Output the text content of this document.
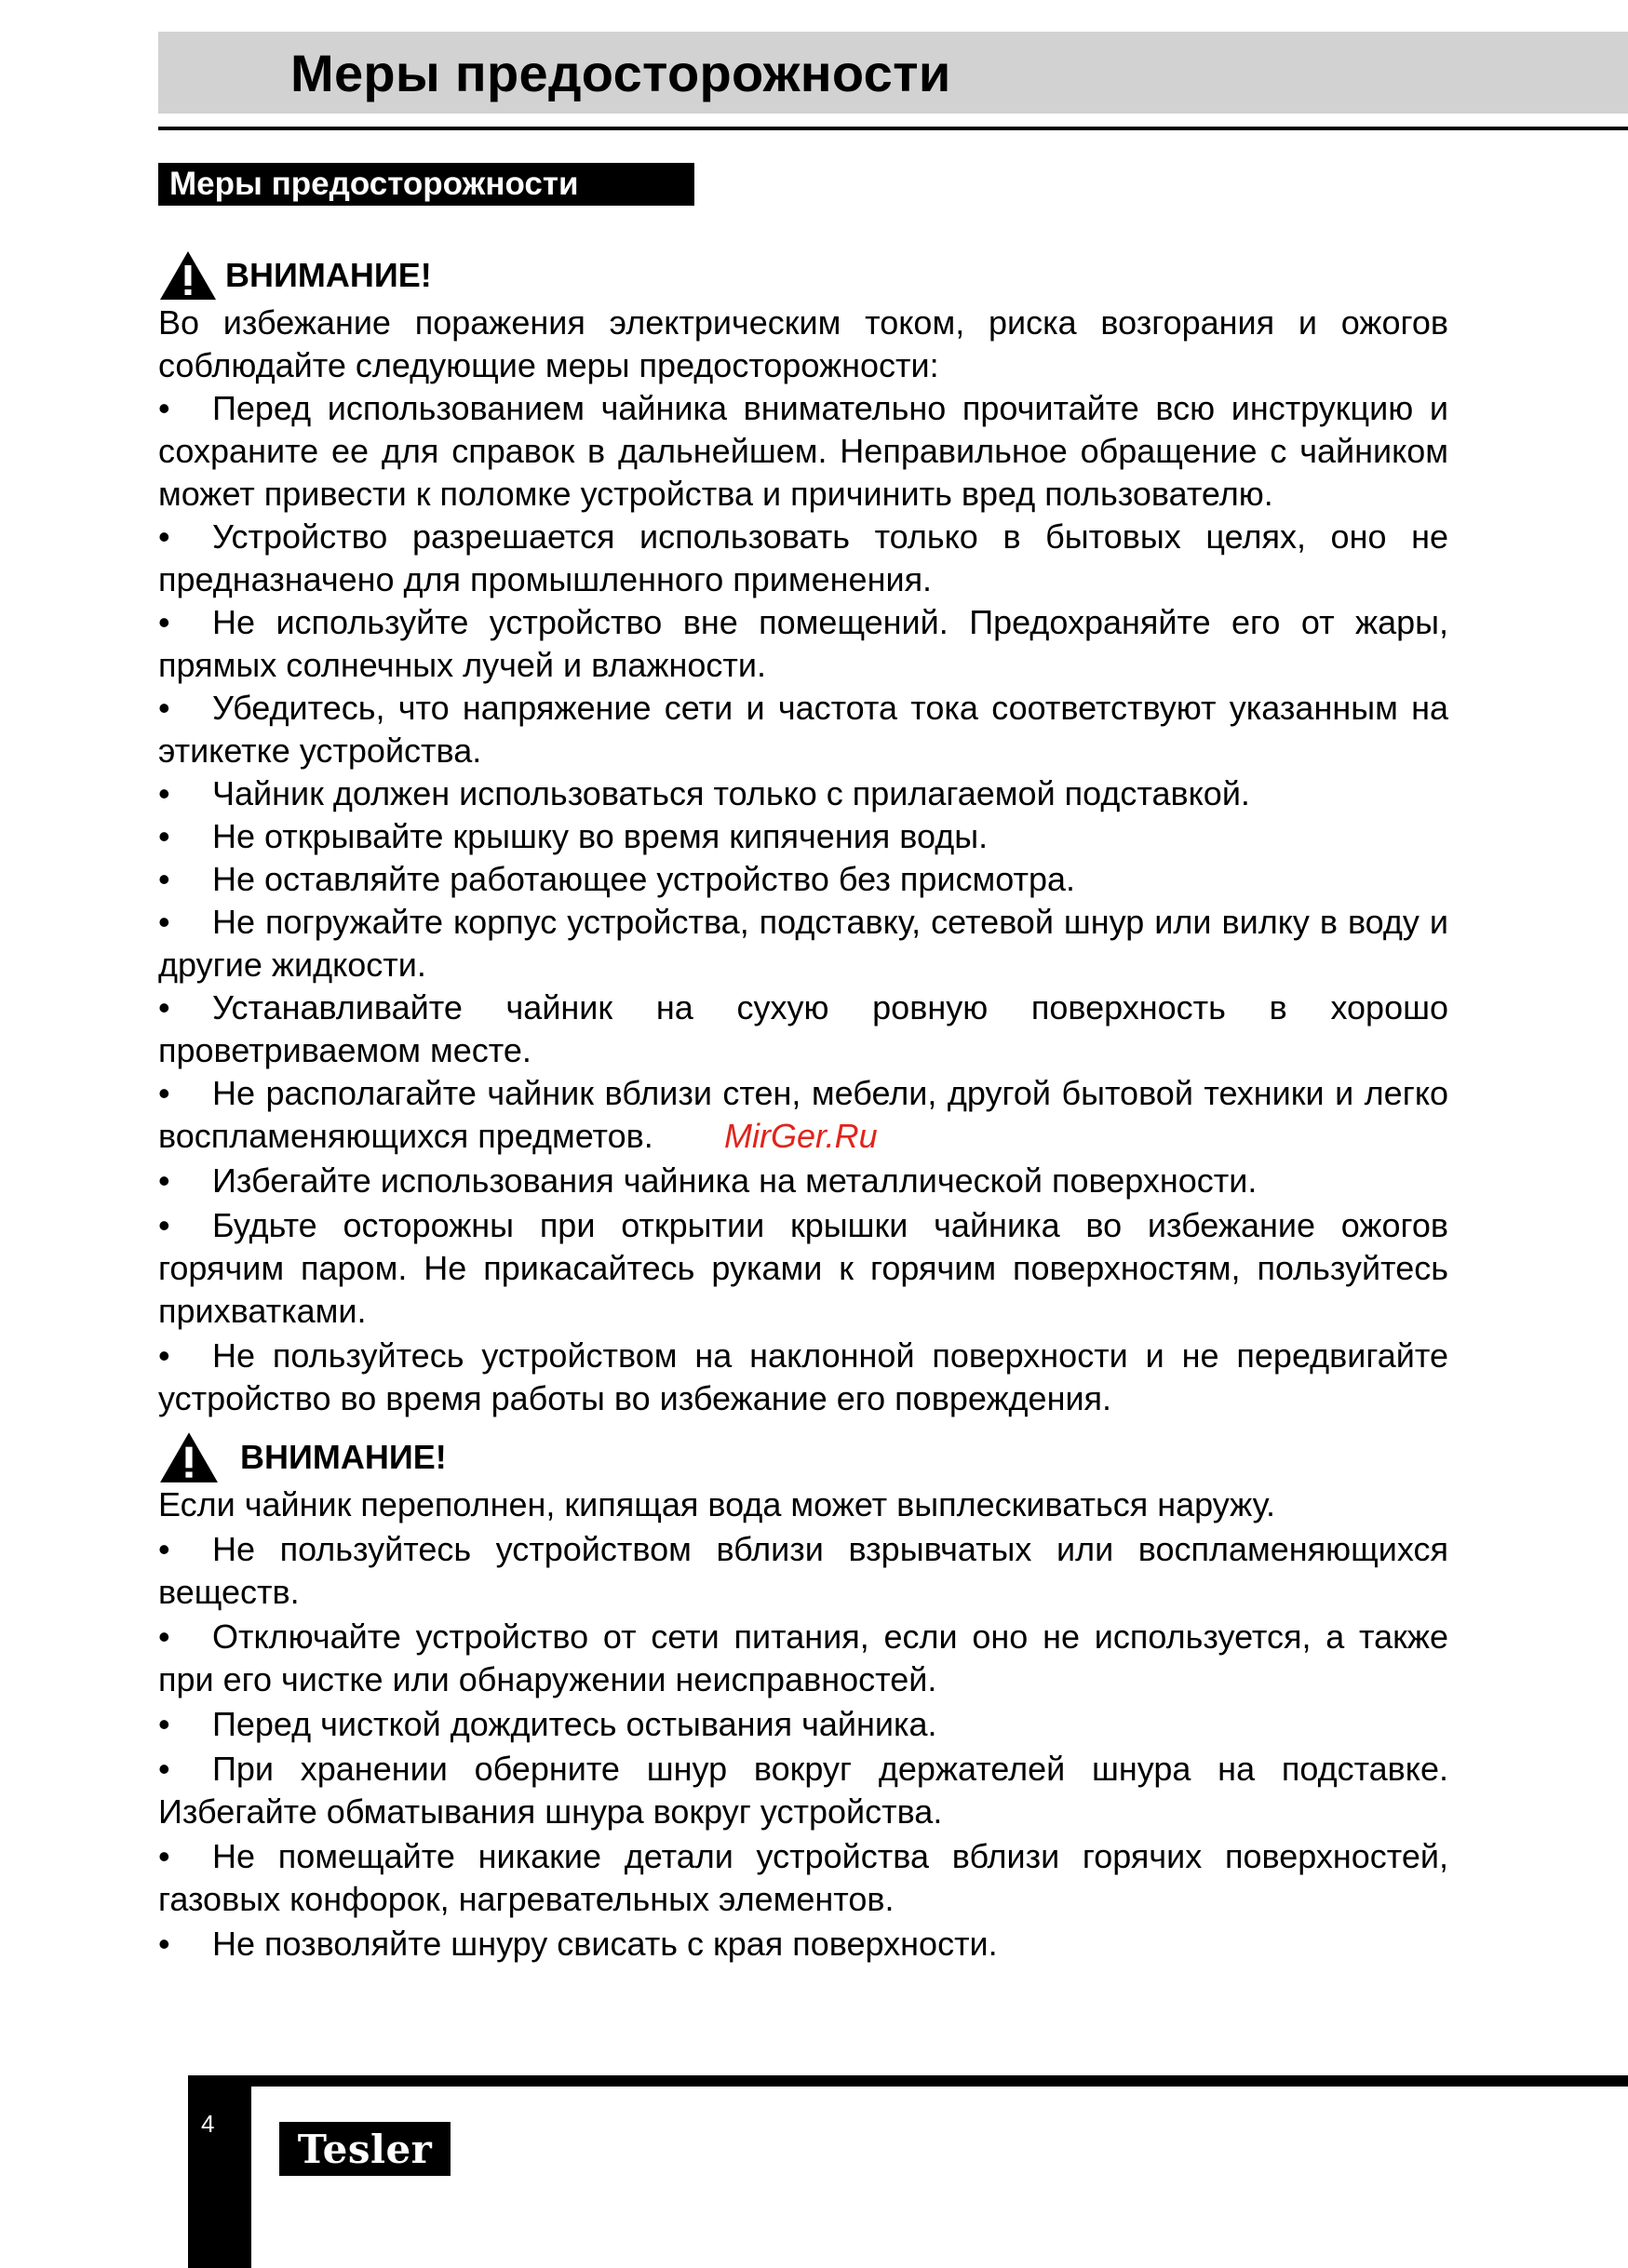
Меры предосторожности
Меры предосторожности
ВНИМАНИЕ!

Во избежание поражения электрическим током, риска возгорания и ожогов соблюдайте следующие меры предосторожности:

• Перед использованием чайника внимательно прочитайте всю инструкцию и сохраните ее для справок в дальнейшем. Неправильное обращение с чайником может привести к поломке устройства и причинить вред пользователю.
• Устройство разрешается использовать только в бытовых целях, оно не предназначено для промышленного применения.
• Не используйте устройство вне помещений. Предохраняйте его от жары, прямых солнечных лучей и влажности.
• Убедитесь, что напряжение сети и частота тока соответствуют указанным на этикетке устройства.
• Чайник должен использоваться только с прилагаемой подставкой.
• Не открывайте крышку во время кипячения воды.
• Не оставляйте работающее устройство без присмотра.
• Не погружайте корпус устройства, подставку, сетевой шнур или вилку в воду и другие жидкости.
• Устанавливайте чайник на сухую ровную поверхность в хорошо проветриваемом месте.
• Не располагайте чайник вблизи стен, мебели, другой бытовой техники и легко воспламеняющихся предметов.
• Избегайте использования чайника на металлической поверхности.
• Будьте осторожны при открытии крышки чайника во избежание ожогов горячим паром. Не прикасайтесь руками к горячим поверхностям, пользуйтесь прихватками.
• Не пользуйтесь устройством на наклонной поверхности и не передвигайте устройство во время работы во избежание его повреждения.
ВНИМАНИЕ!

Если чайник переполнен, кипящая вода может выплескиваться наружу.

• Не пользуйтесь устройством вблизи взрывчатых или воспламеняющихся веществ.
• Отключайте устройство от сети питания, если оно не используется, а также при его чистке или обнаружении неисправностей.
• Перед чисткой дождитесь остывания чайника.
• При хранении оберните шнур вокруг держателей шнура на подставке. Избегайте обматывания шнура вокруг устройства.
• Не помещайте никакие детали устройства вблизи горячих поверхностей, газовых конфорок, нагревательных элементов.
• Не позволяйте шнуру свисать с края поверхности.
MirGer.Ru
4
Tesler
